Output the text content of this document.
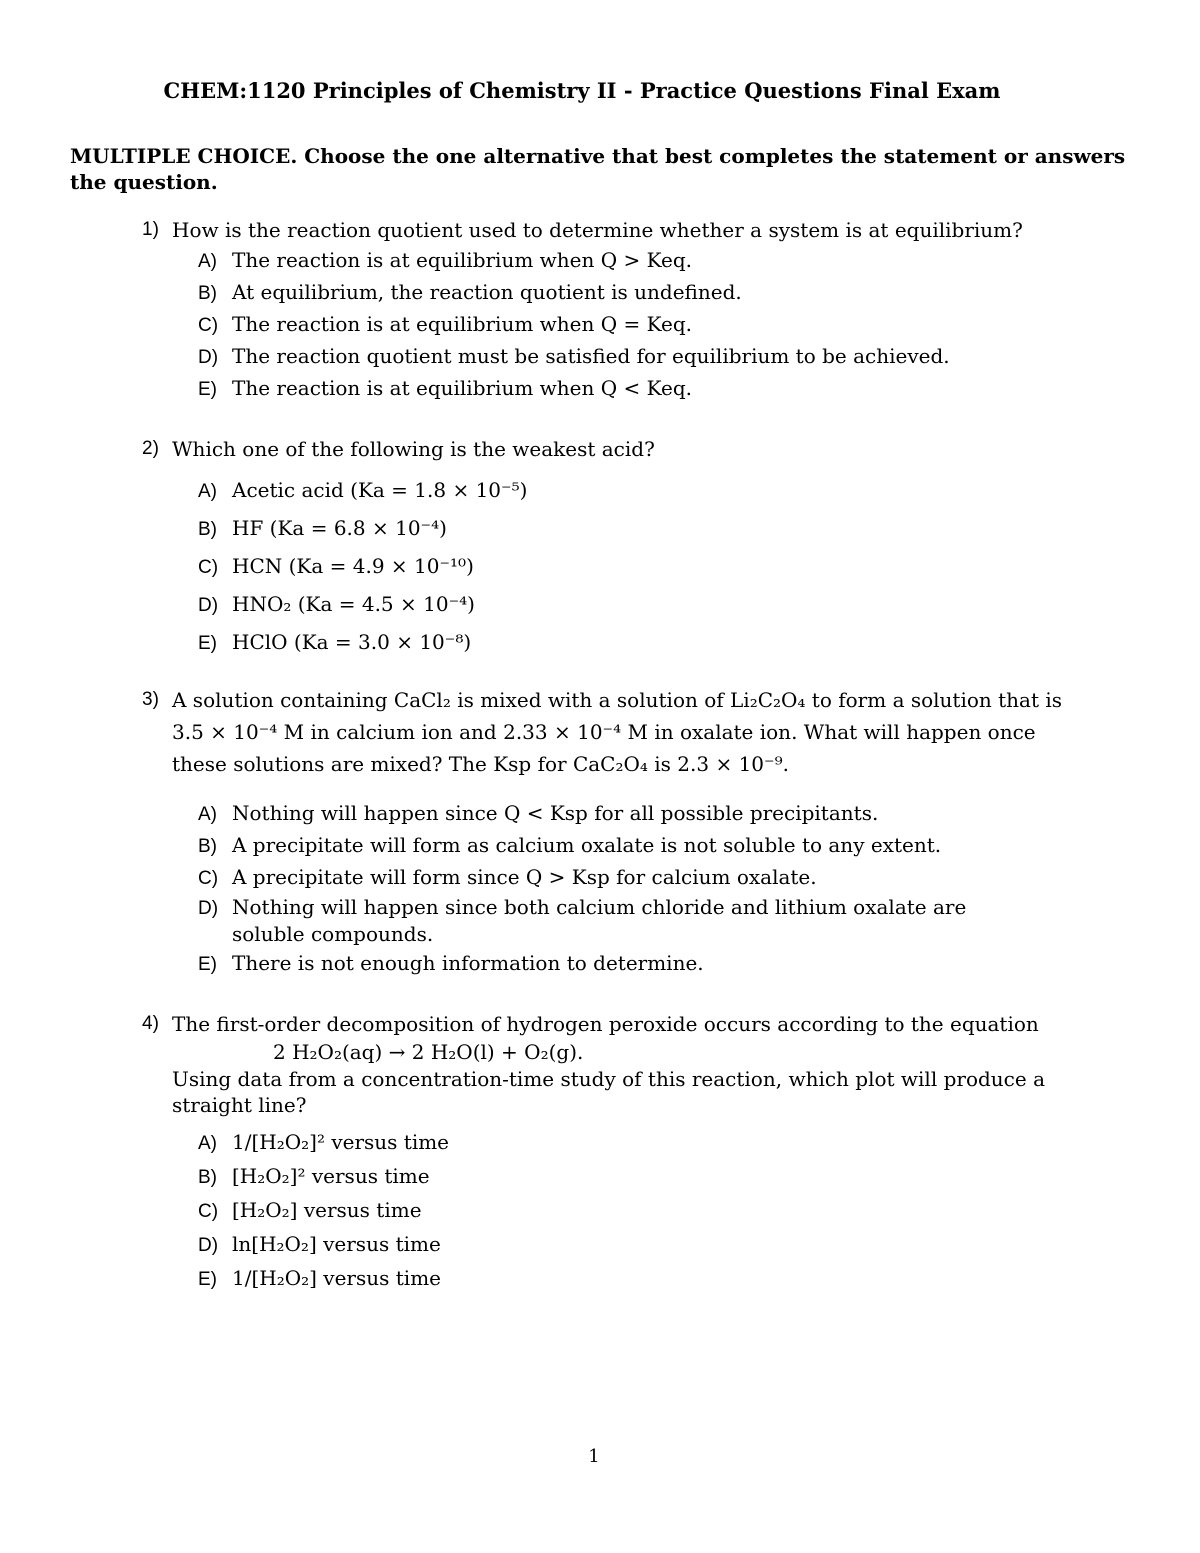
CHEM:1120 Principles of Chemistry II - Practice Questions Final Exam

MULTIPLE CHOICE. Choose the one alternative that best completes the statement or answers the question.

1) How is the reaction quotient used to determine whether a system is at equilibrium?
A) The reaction is at equilibrium when Q > Keq.
B) At equilibrium, the reaction quotient is undefined.
C) The reaction is at equilibrium when Q = Keq.
D) The reaction quotient must be satisfied for equilibrium to be achieved.
E) The reaction is at equilibrium when Q < Keq.
2) Which one of the following is the weakest acid?
A) Acetic acid (Ka = 1.8 × 10⁻⁵)
B) HF (Ka = 6.8 × 10⁻⁴)
C) HCN (Ka = 4.9 × 10⁻¹⁰)
D) HNO₂ (Ka = 4.5 × 10⁻⁴)
E) HClO (Ka = 3.0 × 10⁻⁸)
3) A solution containing CaCl₂ is mixed with a solution of Li₂C₂O₄ to form a solution that is 3.5 × 10⁻⁴ M in calcium ion and 2.33 × 10⁻⁴ M in oxalate ion. What will happen once these solutions are mixed? The Ksp for CaC₂O₄ is 2.3 × 10⁻⁹.
A) Nothing will happen since Q < Ksp for all possible precipitants.
B) A precipitate will form as calcium oxalate is not soluble to any extent.
C) A precipitate will form since Q > Ksp for calcium oxalate.
D) Nothing will happen since both calcium chloride and lithium oxalate are soluble compounds.
E) There is not enough information to determine.
4) The first-order decomposition of hydrogen peroxide occurs according to the equation
2 H₂O₂(aq) → 2 H₂O(l) + O₂(g).
Using data from a concentration-time study of this reaction, which plot will produce a straight line?
A) 1/[H₂O₂]² versus time
B) [H₂O₂]² versus time
C) [H₂O₂] versus time
D) ln[H₂O₂] versus time
E) 1/[H₂O₂] versus time
1
